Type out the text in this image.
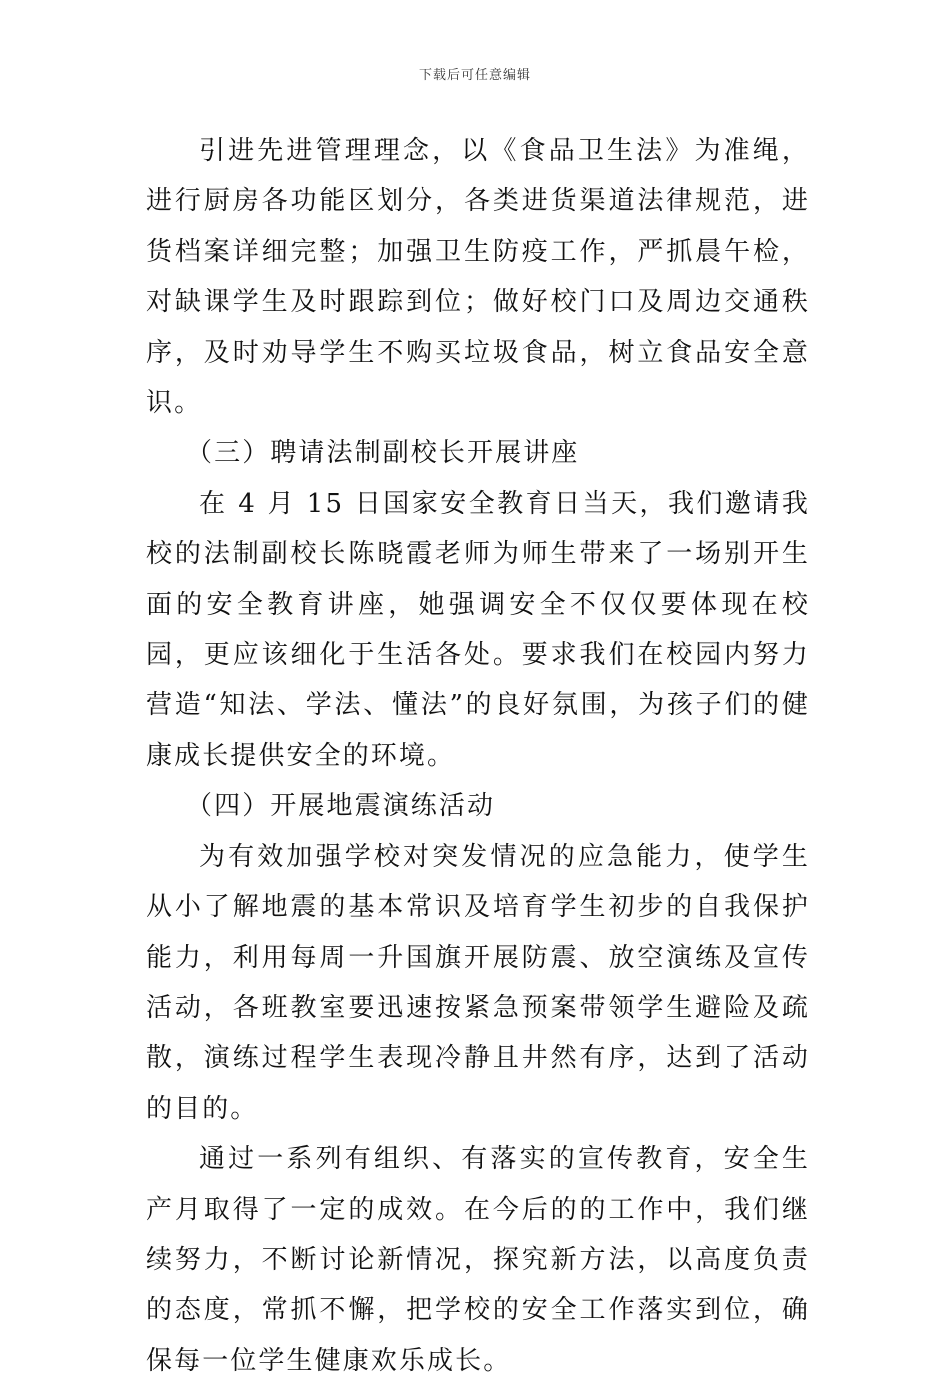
下载后可任意编辑

引进先进管理理念，以《食品卫生法》为准绳，进行厨房各功能区划分，各类进货渠道法律规范，进货档案详细完整；加强卫生防疫工作，严抓晨午检，对缺课学生及时跟踪到位；做好校门口及周边交通秩序，及时劝导学生不购买垃圾食品，树立食品安全意识。

（三）聘请法制副校长开展讲座

在 4 月 15 日国家安全教育日当天，我们邀请我校的法制副校长陈晓霞老师为师生带来了一场别开生面的安全教育讲座，她强调安全不仅仅要体现在校园，更应该细化于生活各处。要求我们在校园内努力营造“知法、学法、懂法”的良好氛围，为孩子们的健康成长提供安全的环境。

（四）开展地震演练活动

为有效加强学校对突发情况的应急能力，使学生从小了解地震的基本常识及培育学生初步的自我保护能力，利用每周一升国旗开展防震、放空演练及宣传活动，各班教室要迅速按紧急预案带领学生避险及疏散，演练过程学生表现冷静且井然有序，达到了活动的目的。

通过一系列有组织、有落实的宣传教育，安全生产月取得了一定的成效。在今后的的工作中，我们继续努力，不断讨论新情况，探究新方法，以高度负责的态度，常抓不懈，把学校的安全工作落实到位，确保每一位学生健康欢乐成长。
